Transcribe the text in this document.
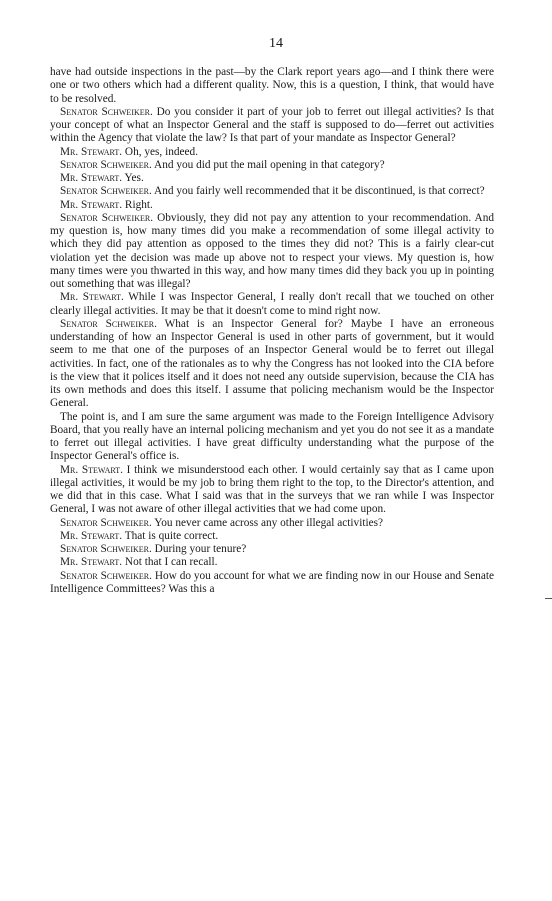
14

have had outside inspections in the past—by the Clark report years ago—and I think there were one or two others which had a different quality. Now, this is a question, I think, that would have to be resolved.

Senator Schweiker. Do you consider it part of your job to ferret out illegal activities? Is that your concept of what an Inspector General and the staff is supposed to do—ferret out activities within the Agency that violate the law? Is that part of your mandate as Inspector General?

Mr. Stewart. Oh, yes, indeed.

Senator Schweiker. And you did put the mail opening in that category?

Mr. Stewart. Yes.

Senator Schweiker. And you fairly well recommended that it be discontinued, is that correct?

Mr. Stewart. Right.

Senator Schweiker. Obviously, they did not pay any attention to your recommendation. And my question is, how many times did you make a recommendation of some illegal activity to which they did pay attention as opposed to the times they did not? This is a fairly clear-cut violation yet the decision was made up above not to respect your views. My question is, how many times were you thwarted in this way, and how many times did they back you up in pointing out something that was illegal?

Mr. Stewart. While I was Inspector General, I really don't recall that we touched on other clearly illegal activities. It may be that it doesn't come to mind right now.

Senator Schweiker. What is an Inspector General for? Maybe I have an erroneous understanding of how an Inspector General is used in other parts of government, but it would seem to me that one of the purposes of an Inspector General would be to ferret out illegal activities. In fact, one of the rationales as to why the Congress has not looked into the CIA before is the view that it polices itself and it does not need any outside supervision, because the CIA has its own methods and does this itself. I assume that policing mechanism would be the Inspector General.

The point is, and I am sure the same argument was made to the Foreign Intelligence Advisory Board, that you really have an internal policing mechanism and yet you do not see it as a mandate to ferret out illegal activities. I have great difficulty understanding what the purpose of the Inspector General's office is.

Mr. Stewart. I think we misunderstood each other. I would certainly say that as I came upon illegal activities, it would be my job to bring them right to the top, to the Director's attention, and we did that in this case. What I said was that in the surveys that we ran while I was Inspector General, I was not aware of other illegal activities that we had come upon.

Senator Schweiker. You never came across any other illegal activities?

Mr. Stewart. That is quite correct.

Senator Schweiker. During your tenure?

Mr. Stewart. Not that I can recall.

Senator Schweiker. How do you account for what we are finding now in our House and Senate Intelligence Committees? Was this a
